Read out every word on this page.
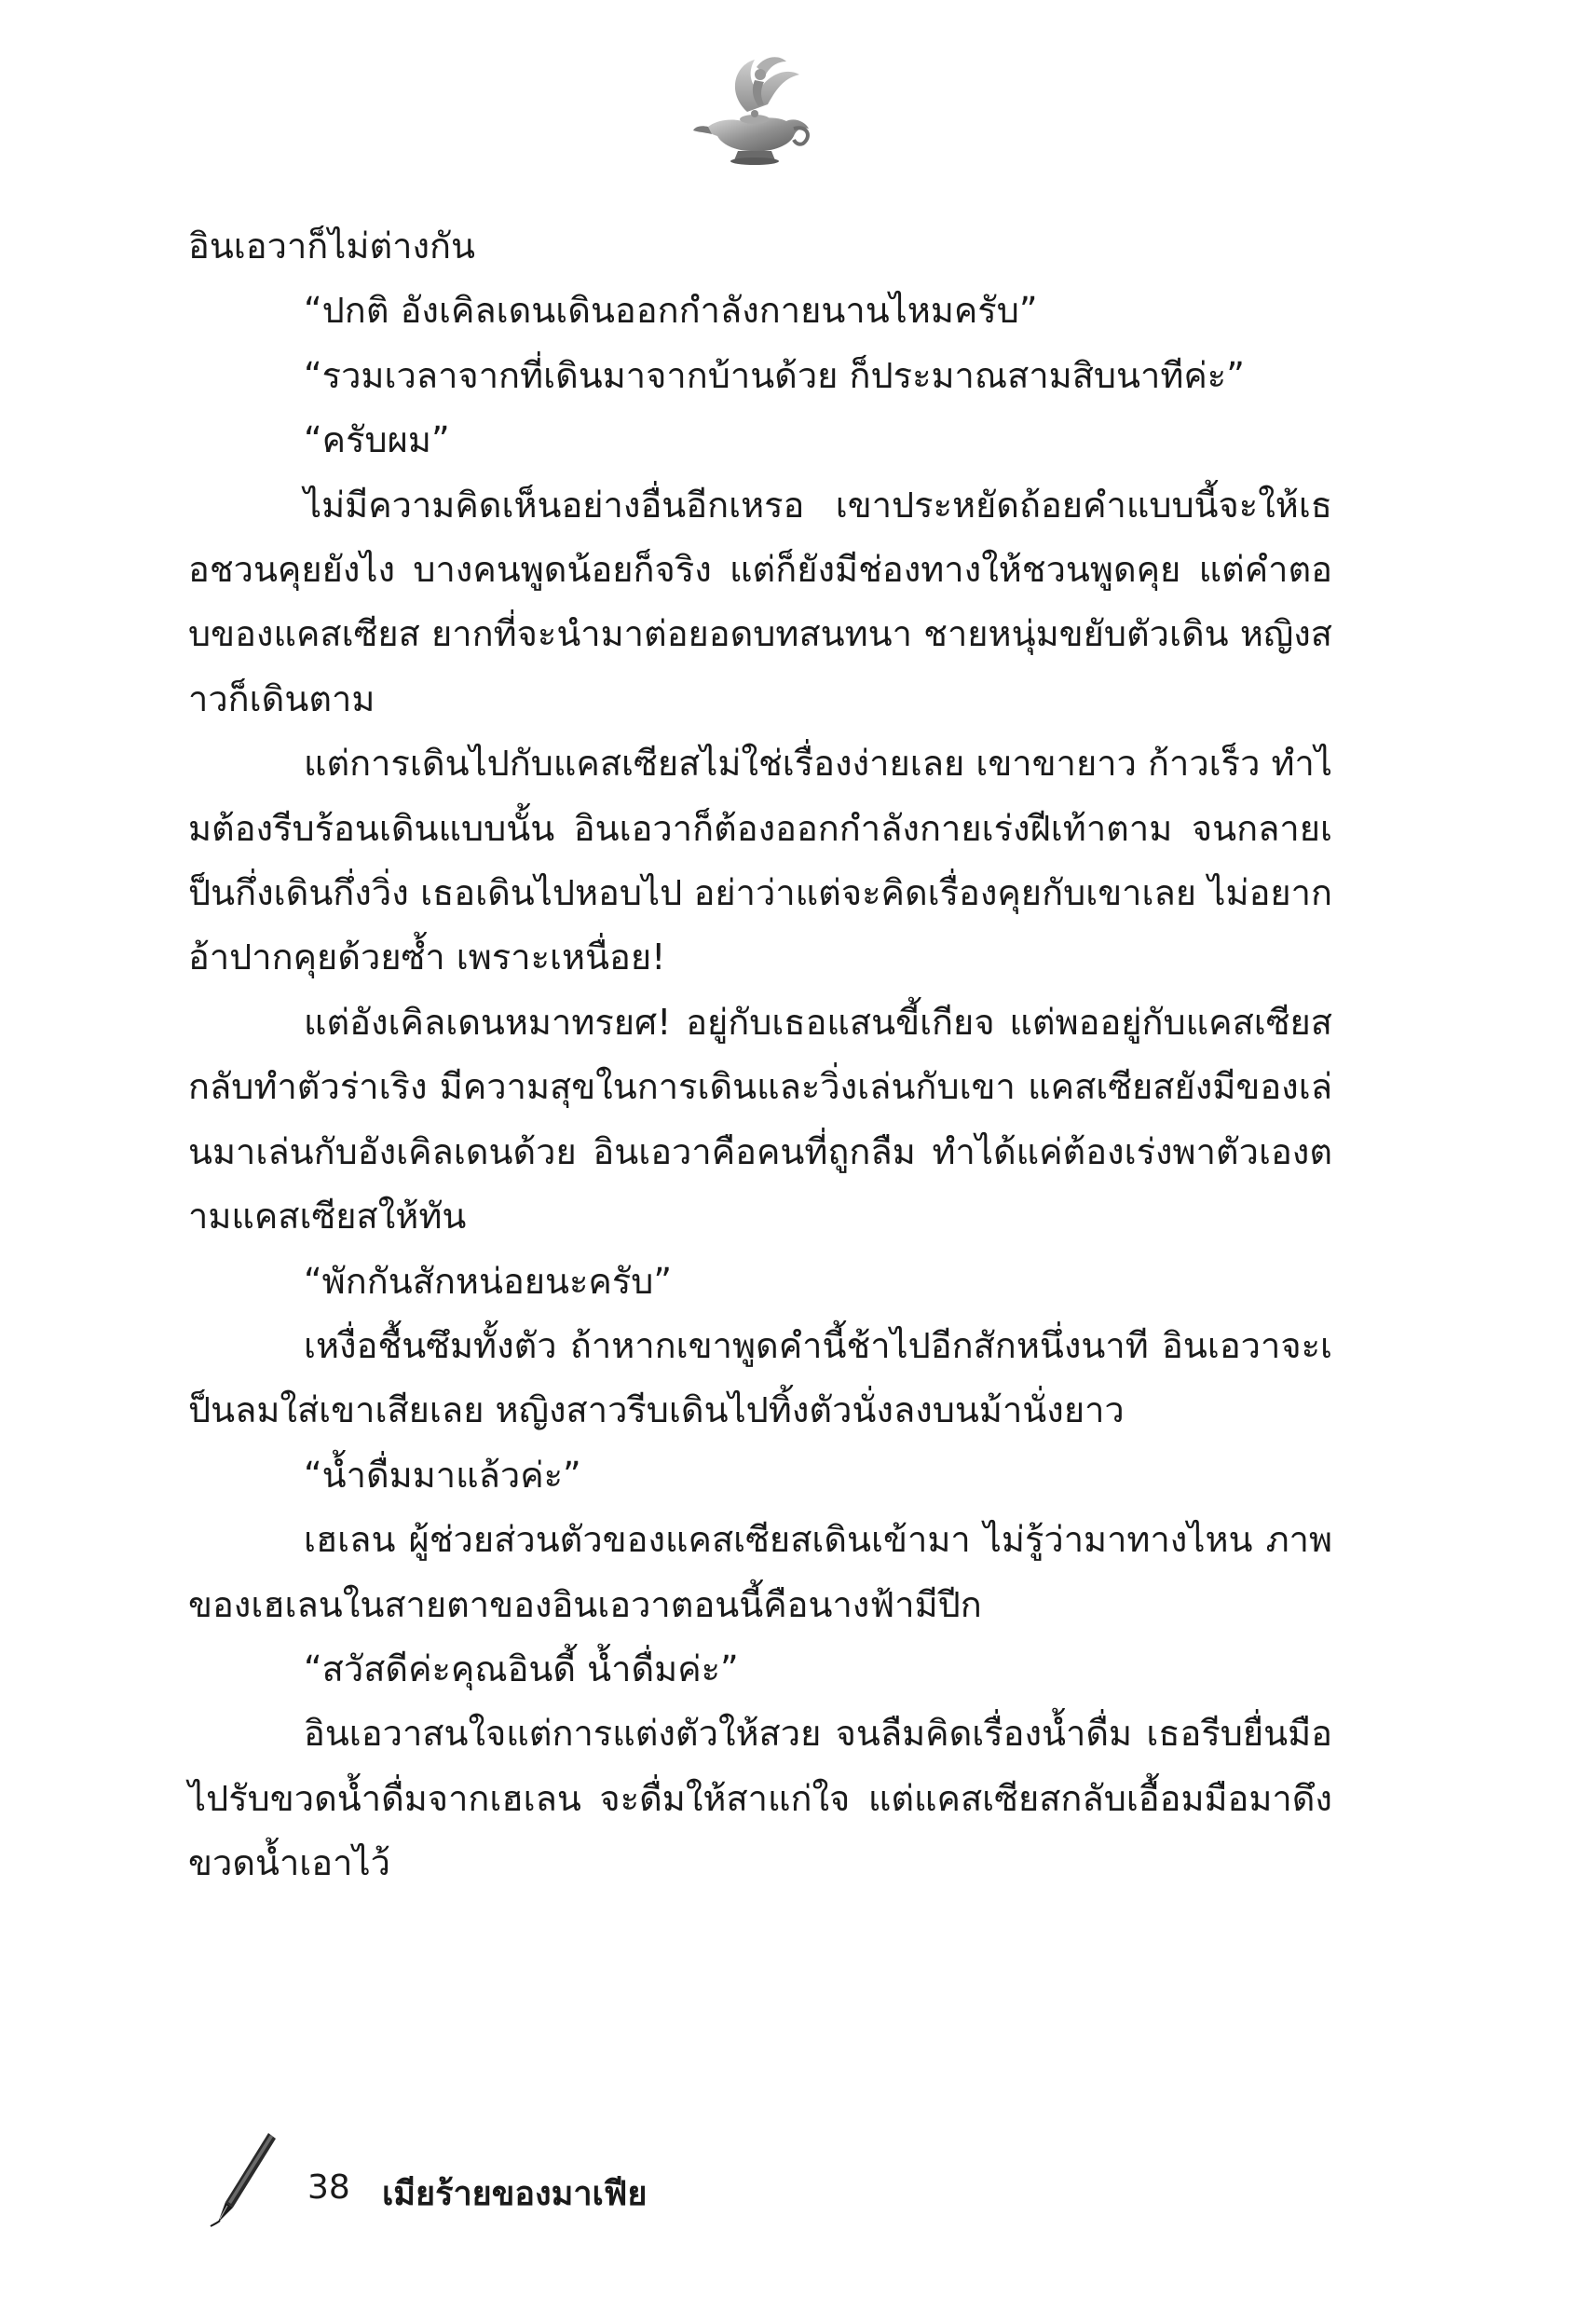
อินเอวาก็ไม่ต่างกัน

“ปกติ อังเคิลเดนเดินออกกำลังกายนานไหมครับ”

“รวมเวลาจากที่เดินมาจากบ้านด้วย ก็ประมาณสามสิบนาทีค่ะ”

“ครับผม”

ไม่มีความคิดเห็นอย่างอื่นอีกเหรอ เขาประหยัดถ้อยคำแบบนี้จะให้เธอชวนคุยยังไง บางคนพูดน้อยก็จริง แต่ก็ยังมีช่องทางให้ชวนพูดคุย แต่คำตอบของแคสเซียส ยากที่จะนำมาต่อยอดบทสนทนา ชายหนุ่มขยับตัวเดิน หญิงสาวก็เดินตาม

แต่การเดินไปกับแคสเซียสไม่ใช่เรื่องง่ายเลย เขาขายาว ก้าวเร็ว ทำไมต้องรีบร้อนเดินแบบนั้น อินเอวาก็ต้องออกกำลังกายเร่งฝีเท้าตาม จนกลายเป็นกึ่งเดินกึ่งวิ่ง เธอเดินไปหอบไป อย่าว่าแต่จะคิดเรื่องคุยกับเขาเลย ไม่อยากอ้าปากคุยด้วยซ้ำ เพราะเหนื่อย!

แต่อังเคิลเดนหมาทรยศ! อยู่กับเธอแสนขี้เกียจ แต่พออยู่กับแคสเซียส กลับทำตัวร่าเริง มีความสุขในการเดินและวิ่งเล่นกับเขา แคสเซียสยังมีของเล่นมาเล่นกับอังเคิลเดนด้วย อินเอวาคือคนที่ถูกลืม ทำได้แค่ต้องเร่งพาตัวเองตามแคสเซียสให้ทัน

“พักกันสักหน่อยนะครับ”

เหงื่อชื้นซึมทั้งตัว ถ้าหากเขาพูดคำนี้ช้าไปอีกสักหนึ่งนาที อินเอวาจะเป็นลมใส่เขาเสียเลย หญิงสาวรีบเดินไปทิ้งตัวนั่งลงบนม้านั่งยาว

“น้ำดื่มมาแล้วค่ะ”

เฮเลน ผู้ช่วยส่วนตัวของแคสเซียสเดินเข้ามา ไม่รู้ว่ามาทางไหน ภาพของเฮเลนในสายตาของอินเอวาตอนนี้คือนางฟ้ามีปีก

“สวัสดีค่ะคุณอินดี้ น้ำดื่มค่ะ”

อินเอวาสนใจแต่การแต่งตัวให้สวย จนลืมคิดเรื่องน้ำดื่ม เธอรีบยื่นมือไปรับขวดน้ำดื่มจากเฮเลน จะดื่มให้สาแก่ใจ แต่แคสเซียสกลับเอื้อมมือมาดึงขวดน้ำเอาไว้

38 เมียร้ายของมาเฟีย
